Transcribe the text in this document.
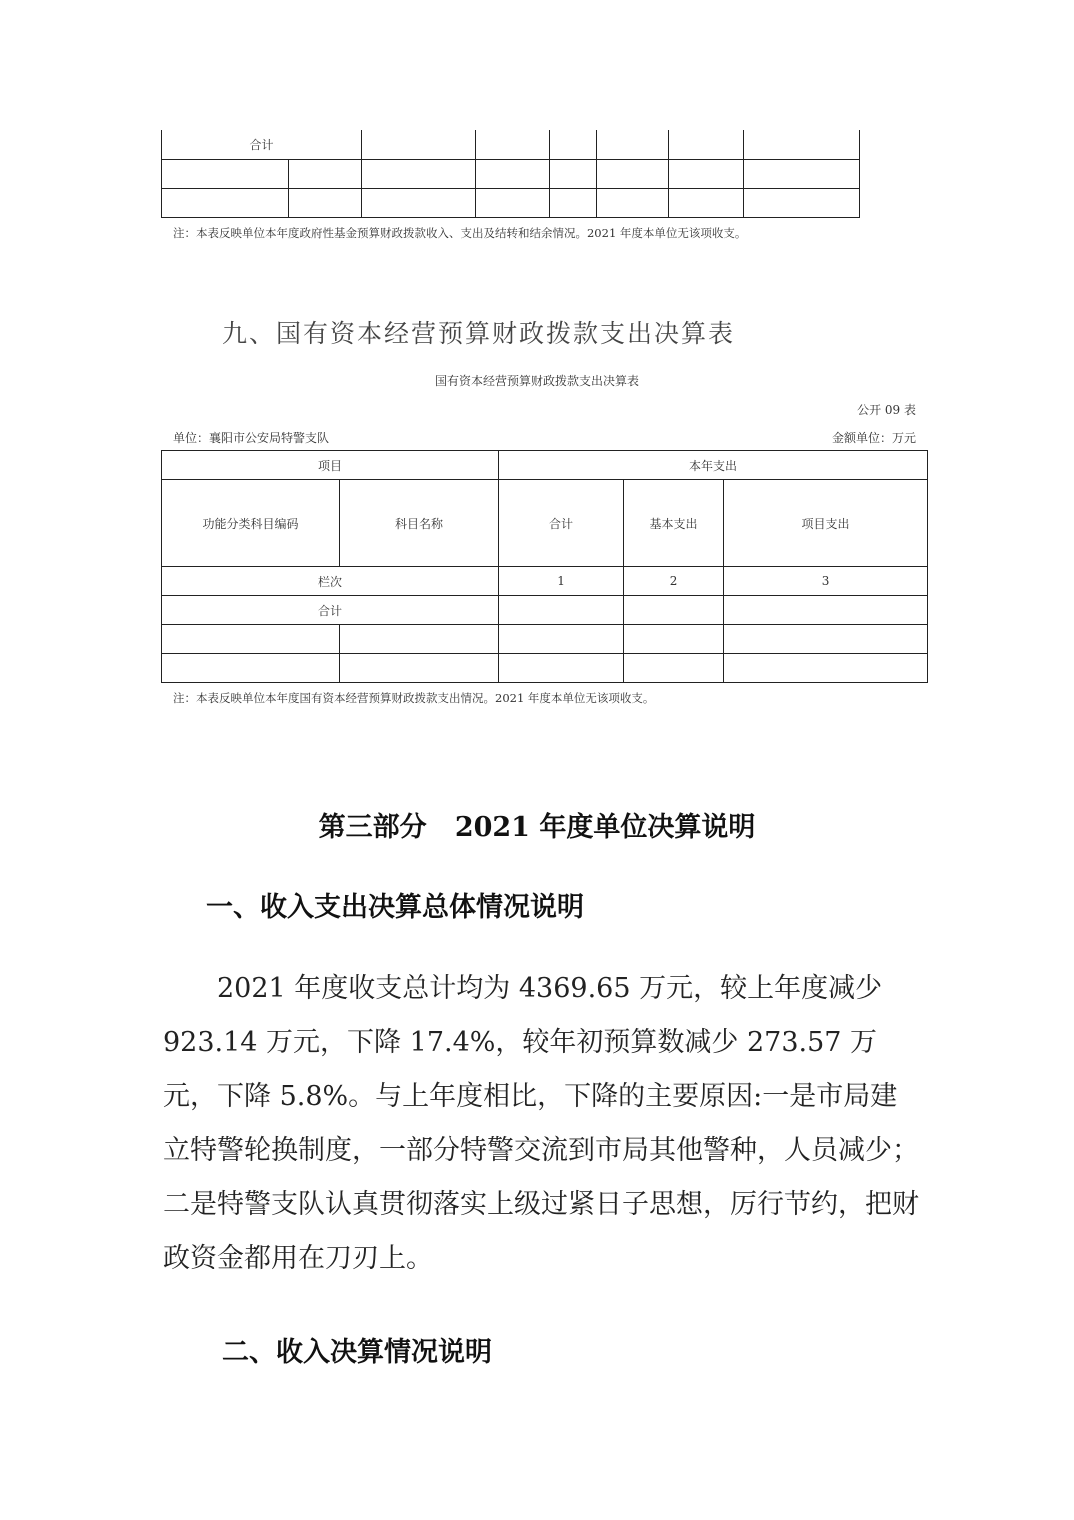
合计							

注：本表反映单位本年度政府性基金预算财政拨款收入、支出及结转和结余情况。2021 年度本单位无该项收支。
九、国有资本经营预算财政拨款支出决算表
国有资本经营预算财政拨款支出决算表
公开 09 表
单位：襄阳市公安局特警支队	金额单位：万元
项目		本年支出		
功能分类科目编码	科目名称	合计	基本支出	项目支出
栏次		1	2	3
合计				

注：本表反映单位本年度国有资本经营预算财政拨款支出情况。2021 年度本单位无该项收支。
第三部分   2021 年度单位决算说明
一、收入支出决算总体情况说明
2021 年度收支总计均为 4369.65 万元，较上年度减少 923.14 万元，下降 17.4%，较年初预算数减少 273.57 万元，下降 5.8%。与上年度相比，下降的主要原因:一是市局建立特警轮换制度，一部分特警交流到市局其他警种，人员减少；二是特警支队认真贯彻落实上级过紧日子思想，厉行节约，把财政资金都用在刀刃上。
二、收入决算情况说明
